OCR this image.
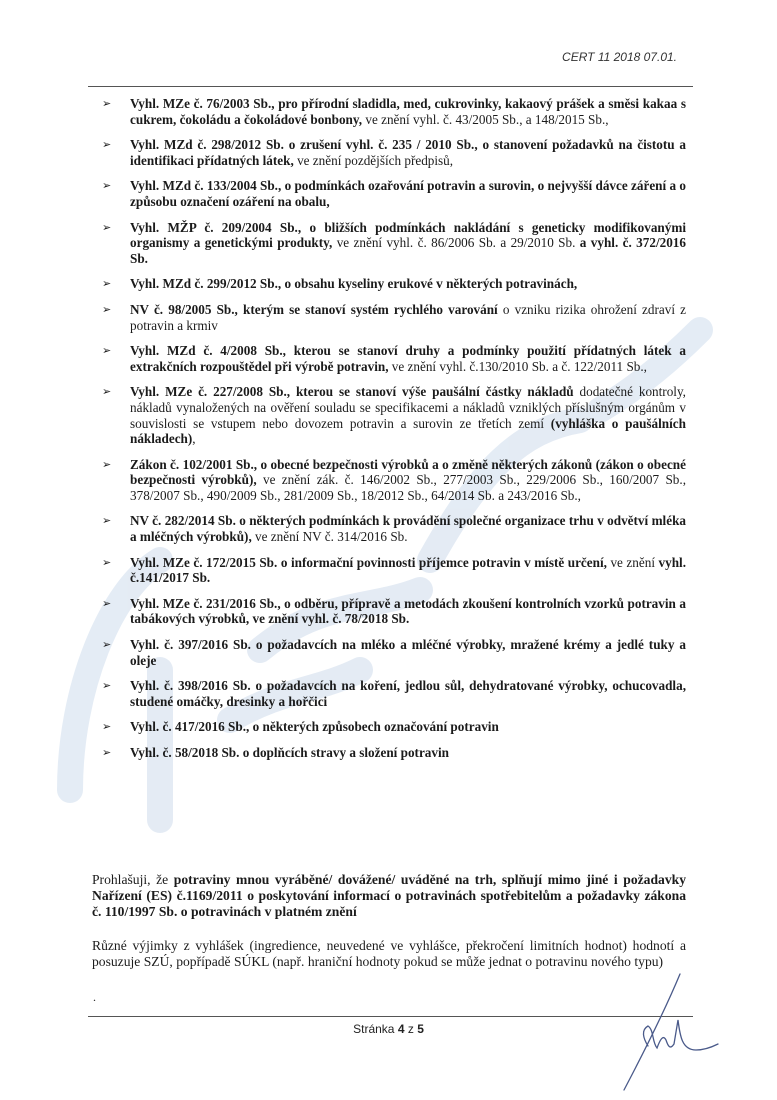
CERT 11 2018 07.01.
➢ Vyhl. MZe č. 76/2003 Sb., pro přírodní sladidla, med, cukrovinky, kakaový prášek a směsi kakaa s cukrem, čokoládu a čokoládové bonbony, ve znění vyhl. č. 43/2005 Sb., a 148/2015 Sb.,
➢ Vyhl. MZd č. 298/2012 Sb. o zrušení vyhl. č. 235 / 2010 Sb., o stanovení požadavků na čistotu a identifikaci přídatných látek, ve znění pozdějších předpisů,
➢ Vyhl. MZd č. 133/2004 Sb., o podmínkách ozařování potravin a surovin, o nejvyšší dávce záření a o způsobu označení ozáření na obalu,
➢ Vyhl. MŽP č. 209/2004 Sb., o bližších podmínkách nakládání s geneticky modifikovanými organismy a genetickými produkty, ve znění vyhl. č. 86/2006 Sb. a 29/2010 Sb. a vyhl. č. 372/2016 Sb.
➢ Vyhl. MZd č. 299/2012 Sb., o obsahu kyseliny erukové v některých potravinách,
➢ NV č. 98/2005 Sb., kterým se stanoví systém rychlého varování o vzniku rizika ohrožení zdraví z potravin a krmiv
➢ Vyhl. MZd č. 4/2008 Sb., kterou se stanoví druhy a podmínky použití přídatných látek a extrakčních rozpouštědel při výrobě potravin, ve znění vyhl. č.130/2010 Sb. a č. 122/2011 Sb.,
➢ Vyhl. MZe č. 227/2008 Sb., kterou se stanoví výše paušální částky nákladů dodatečné kontroly, nákladů vynaložených na ověření souladu se specifikacemi a nákladů vzniklých příslušným orgánům v souvislosti se vstupem nebo dovozem potravin a surovin ze třetích zemí (vyhláška o paušálních nákladech),
➢ Zákon č. 102/2001 Sb., o obecné bezpečnosti výrobků a o změně některých zákonů (zákon o obecné bezpečnosti výrobků), ve znění zák. č. 146/2002 Sb., 277/2003 Sb., 229/2006 Sb., 160/2007 Sb., 378/2007 Sb., 490/2009 Sb., 281/2009 Sb., 18/2012 Sb., 64/2014 Sb. a 243/2016 Sb.,
➢ NV č. 282/2014 Sb. o některých podmínkách k provádění společné organizace trhu v odvětví mléka a mléčných výrobků), ve znění NV č. 314/2016 Sb.
➢ Vyhl. MZe č. 172/2015 Sb. o informační povinnosti příjemce potravin v místě určení, ve znění vyhl. č.141/2017 Sb.
➢ Vyhl. MZe č. 231/2016 Sb., o odběru, přípravě a metodách zkoušení kontrolních vzorků potravin a tabákových výrobků, ve znění vyhl. č. 78/2018 Sb.
➢ Vyhl. č. 397/2016 Sb. o požadavcích na mléko a mléčné výrobky, mražené krémy a jedlé tuky a oleje
➢ Vyhl. č. 398/2016 Sb. o požadavcích na koření, jedlou sůl, dehydratované výrobky, ochucovadla, studené omáčky, dresinky a hořčici
➢ Vyhl. č. 417/2016 Sb., o některých způsobech označování potravin
➢ Vyhl. č. 58/2018 Sb. o doplňcích stravy a složení potravin
Prohlašuji, že potraviny mnou vyráběné/ dovážené/ uváděné na trh, splňují mimo jiné i požadavky Nařízení (ES) č.1169/2011 o poskytování informací o potravinách spotřebitelům a požadavky zákona č. 110/1997 Sb. o potravinách v platném znění
Různé výjimky z vyhlášek (ingredience, neuvedené ve vyhlášce, překročení limitních hodnot) hodnotí a posuzuje SZÚ, popřípadě SÚKL (např. hraniční hodnoty pokud se může jednat o potravinu nového typu)
.
Stránka 4 z 5
